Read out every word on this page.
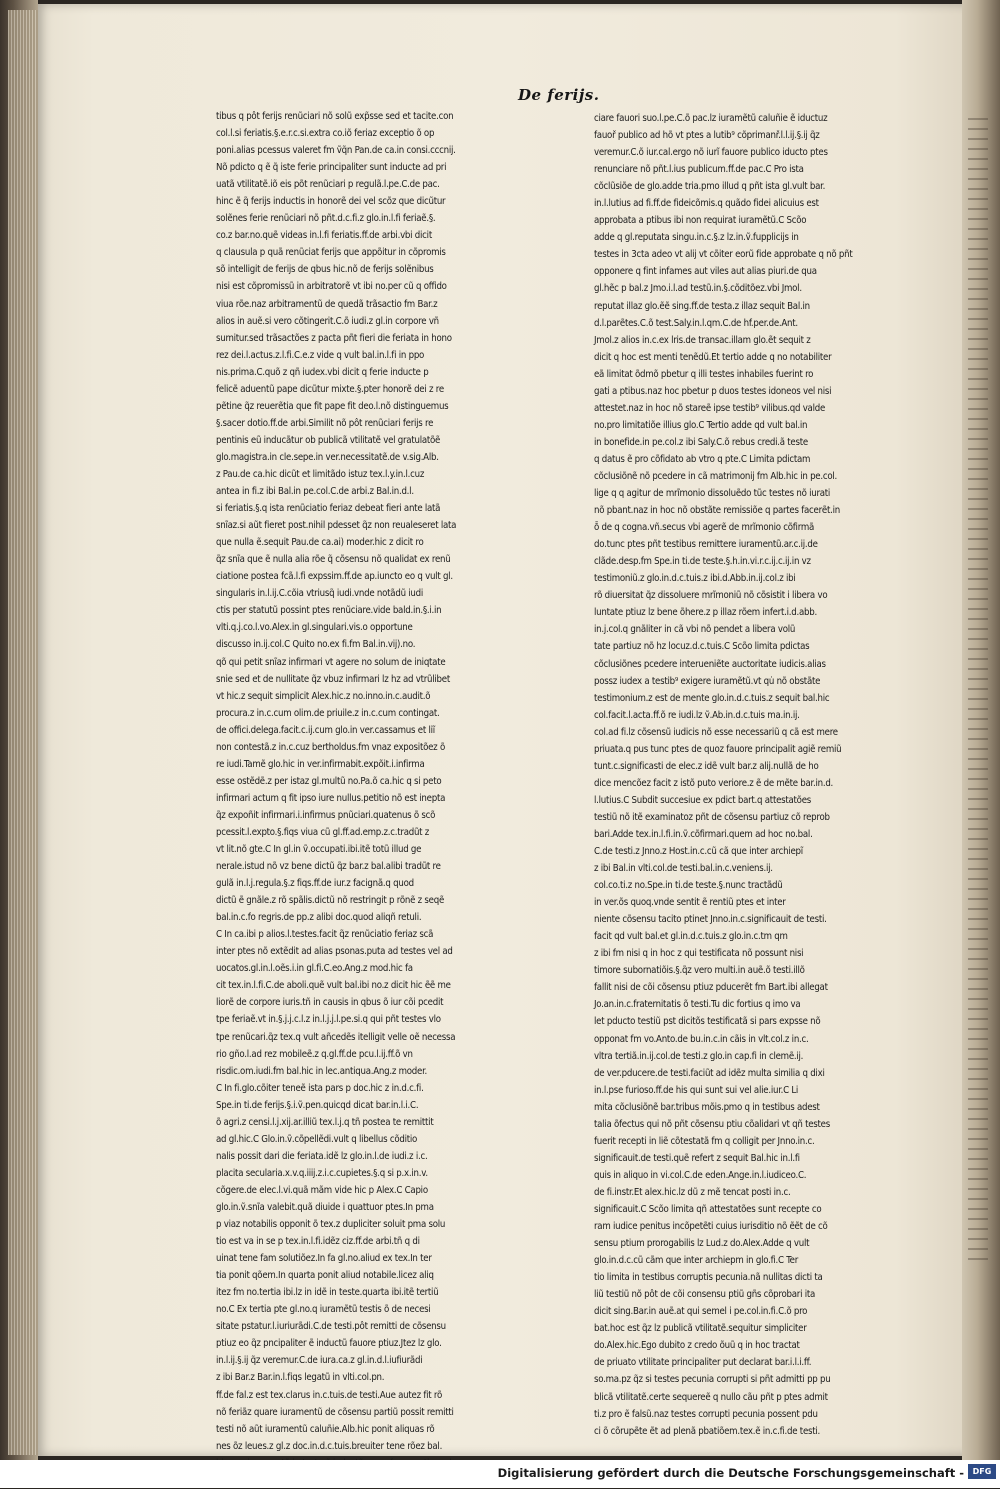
De ferijs.
tibus q pôt ferijs renũciari nõ solũ exp̃sse sed et tacite.con
col.l.si feriatis.§.e.r.c.si.extra co.iõ feriaz exceptio õ op
poni.alias pcessus valeret fm ṽq̃n Pan.de ca.in consi.cccnij.
Nõ pdicto q ẽ q̃ iste ferie principaliter sunt inducte ad pri
uatã vtilitatẽ.iõ eis põt renũciari p regulã.l.pe.C.de pac.
hinc ẽ q̃ ferijs inductis in honorẽ dei vel scõz que dicũtur
solẽnes ferie renũciari nõ pñt.d.c.fi.z glo.in.l.fi feriaẽ.§.
co.z bar.no.quẽ videas in.l.fi feriatis.ff.de arbi.vbi dicit
q clausula p quã renũciat ferijs que appõitur in cõpromis
sõ intelligit de ferijs de qbus hic.nõ de ferijs solẽnibus
nisi est cõpromissũ in arbitratorẽ vt ibi no.per cũ q offido
viua rõe.naz arbitramentũ de quedã trãsactio fm Bar.z
alios in auẽ.si vero cõtingerit.C.õ iudi.z gl.in corpore vñ
sumitur.sed trãsactões z pacta pñt fieri die feriata in hono
rez dei.l.actus.z.l.fi.C.e.z vide q vult bal.in.l.fi in ppo
nis.prima.C.quõ z qñ iudex.vbi dicit q ferie inducte p
felicẽ aduentũ pape dicũtur mixte.§.pter honorẽ dei z re
pẽtine q̃z reuerẽtia que fit pape fit deo.l.nõ distinguemus
§.sacer dotio.ff.de arbi.Similit nõ pôt renũciari ferijs re
pentinis eũ inducãtur ob publicã vtilitatẽ vel gratulatõẽ
glo.magistra.in cle.sepe.in ver.necessitatẽ.de v.sig.Alb.
z Pau.de ca.hic dicũt et limitãdo istuz tex.l.y.in.l.cuz
antea in fi.z ibi Bal.in pe.col.C.de arbi.z Bal.in.d.l.
si feriatis.§.q ista renũciatio feriaz debeat fieri ante latã
snĩaz.si aũt fieret post.nihil pdesset q̃z non reualeseret lata
que nulla ẽ.sequit Pau.de ca.ai) moder.hic z dicit ro
q̃z snĩa que ẽ nulla alia rõe q̃ cõsensu nõ qualidat ex renũ
ciatione postea fcã.l.fi expssim.ff.de ap.iuncto eo q vult gl.
singularis in.l.ij.C.cõia vtriusq̃ iudi.vnde notãdũ iudi
ctis per statutũ possint ptes renũciare.vide bald.in.§.i.in
vlti.q.j.co.l.vo.Alex.in gl.singulari.vis.o opportune
discusso in.ij.col.C Quito no.ex fi.fm Bal.in.vij).no.
qõ qui petit snĩaz infirmari vt agere no solum de iniqtate
snie sed et de nullitate q̃z vbuz infirmari lz hz ad vtrũlibet
vt hic.z sequit simplicit Alex.hic.z no.inno.in.c.audit.õ
procura.z in.c.cum olim.de priuile.z in.c.cum contingat.
de offici.delega.facit.c.ij.cum glo.in ver.cassamus et liĩ
non contestã.z in.c.cuz bertholdus.fm vnaz expositõez õ
re iudi.Tamẽ glo.hic in ver.infirmabit.expõit.i.infirma
esse ostẽdẽ.z per istaz gl.multũ no.Pa.õ ca.hic q si peto
infirmari actum q fit ipso iure nullus.petitio nõ est inepta
q̃z expoñit infirmari.i.infirmus pnũciari.quatenus õ scõ
pcessit.l.expto.§.fiqs viua cũ gl.ff.ad.emp.z.c.tradũt z
vt lit.nõ gte.C In gl.in ṽ.occupati.ibi.itẽ totũ illud ge
nerale.istud nõ vz bene dictũ q̃z bar.z bal.alibi tradũt re
gulã in.l.j.regula.§.z fiqs.ff.de iur.z facignã.q quod
dictũ ẽ gnãle.z rõ spãlis.dictũ nõ restringit p rõnẽ z seqẽ
bal.in.c.fo regris.de pp.z alibi doc.quod aliqñ retuli.
C In ca.ibi p alios.l.testes.facit q̃z renũciatio feriaz scã
inter ptes nõ extẽdit ad alias psonas.puta ad testes vel ad
uocatos.gl.in.l.oẽs.i.in gl.fi.C.eo.Ang.z mod.hic fa
cit tex.in.l.fi.C.de aboli.quẽ vult bal.ibi no.z dicit hic ẽẽ me
liorẽ de corpore iuris.tñ in causis in qbus õ iur cõi pcedit
tpe feriaẽ.vt in.§.j.j.c.l.z in.l.j.j.l.pe.si.q qui pñt testes vlo
tpe renũcari.q̃z tex.q vult añcedẽs itelligit velle oẽ necessa
rio gño.l.ad rez mobileẽ.z q.gl.ff.de pcu.l.ij.ff.õ vn
risdic.om.iudi.fm bal.hic in lec.antiqua.Ang.z moder.
C In fi.glo.cõiter teneẽ ista pars p doc.hic z in.d.c.fi.
Spe.in ti.de ferijs.§.i.ṽ.pen.quicqd dicat bar.in.l.i.C.
õ agri.z censi.l.j.xij.ar.illiũ tex.l.j.q tñ postea te remittit
ad gl.hic.C Glo.in.ṽ.cõpellẽdi.vult q libellus cõditio
nalis possit dari die feriata.idẽ lz glo.in.l.de iudi.z i.c.
placita secularia.x.v.q.iiij.z.i.c.cupietes.§.q si p.x.in.v.
cõgere.de elec.l.vi.quã mãm vide hic p Alex.C Capio
glo.in.ṽ.snĩa valebit.quã diuide i quattuor ptes.In pma
p viaz notabilis opponit õ tex.z dupliciter soluit pma solu
tio est va in se p tex.in.l.fi.idẽz ciz.ff.de arbi.tñ q di
uinat tene fam solutiõez.In fa gl.no.aliud ex tex.In ter
tia ponit qõem.In quarta ponit aliud notabile.licez aliq
itez fm no.tertia ibi.lz in idẽ in teste.quarta ibi.itẽ tertiũ
no.C Ex tertia pte gl.no.q iuramẽtũ testis õ de necesi
sitate pstatur.l.iuriurãdi.C.de testi.pôt remitti de cõsensu
ptiuz eo q̃z pncipaliter ẽ inductũ fauore ptiuz.Jtez lz glo.
in.l.ij.§.ij q̃z veremur.C.de iura.ca.z gl.in.d.l.iufiurãdi
z ibi Bar.z Bar.in.l.fiqs legatũ in vlti.col.pn.
ff.de fal.z est tex.clarus in.c.tuis.de testi.Aue autez fit rõ
nõ feriãz quare iuramentũ de cõsensu partiũ possit remitti
testi nõ aũt iuramentũ caluñie.Alb.hic ponit aliquas rõ
nes õz leues.z gl.z doc.in.d.c.tuis.breuiter tene rõez bal.
ciare fauori suo.l.pe.C.õ pac.lz iuramẽtũ caluñie ẽ iductuz
fauoř publico ad hõ vt ptes a lutib⁹ cõprimanř.l.l.ij.§.ij q̃z
veremur.C.õ iur.cal.ergo nõ iurĩ fauore publico iducto ptes
renunciare nõ pñt.l.ius publicum.ff.de pac.C Pro ista
cõclũsiõe de glo.adde tria.pmo illud q pñt ista gl.vult bar.
in.l.lutius ad fi.ff.de fideicõmis.q quãdo fidei alicuius est
approbata a ptibus ibi non requirat iuramẽtũ.C Scõo
adde q gl.reputata singu.in.c.§.z lz.in.ṽ.fupplicijs in
testes in 3cta adeo vt alij vt cõiter eorũ fide approbate q nõ pñt
opponere q fint infames aut viles aut alias piuri.de qua
gl.hẽc p bal.z Jmo.i.l.ad testũ.in.§.cõditõez.vbi Jmol.
reputat illaz glo.ẽẽ sing.ff.de testa.z illaz sequit Bal.in
d.l.parẽtes.C.õ test.Saly.in.l.qm.C.de hf.per.de.Ant.
Jmol.z alios in.c.ex lris.de transac.illam glo.ẽt sequit z
dicit q hoc est menti tenẽdũ.Et tertio adde q no notabiliter
eã limitat õdmõ pbetur q illi testes inhabiles fuerint ro
gati a ptibus.naz hoc pbetur p duos testes idoneos vel nisi
attestet.naz in hoc nõ stareẽ ipse testib⁹ vilibus.qd valde
no.pro limitatiõe illius glo.C Tertio adde qd vult bal.in
in bonefide.in pe.col.z ibi Saly.C.õ rebus credi.ã teste
q datus ẽ pro cõfidato ab vtro q pte.C Limita pdictam
cõclusiõnẽ nõ pcedere in cã matrimonij fm Alb.hic in pe.col.
lige q q agitur de mrĩmonio dissoluẽdo tũc testes nõ iurati
nõ pbant.naz in hoc nõ obstãte remissiõe q partes facerẽt.in
ȭ de q cogna.vñ.secus vbi agerẽ de mrĩmonio cõfirmã
do.tunc ptes pñt testibus remittere iuramentũ.ar.c.ij.de
clãde.desp.fm Spe.in ti.de teste.§.h.in.vi.r.c.ij.c.ij.in vz
testimoniũ.z glo.in.d.c.tuis.z ibi.d.Abb.in.ij.col.z ibi
rõ diuersitat q̃z dissoluere mrĩmoniũ nõ cõsistit i libera vo
luntate ptiuz lz bene õhere.z p illaz rõem infert.i.d.abb.
in.j.col.q gnãliter in cã vbi nõ pendet a libera volũ
tate partiuz nõ hz locuz.d.c.tuis.C Scõo limita pdictas
cõclusiõnes pcedere interueniẽte auctoritate iudicis.alias
possz iudex a testib⁹ exigere iuramẽtũ.vt qu̇ nõ obstãte
testimonium.z est de mente glo.in.d.c.tuis.z sequit bal.hic
col.facit.l.acta.ff.õ re iudi.lz ṽ.Ab.in.d.c.tuis ma.in.ij.
col.ad fi.lz cõsensũ iudicis nõ esse necessariũ q cã est mere
priuata.q pus tunc ptes de quoz fauore principalit agiẽ remiũ
tunt.c.significasti de elec.z idẽ vult bar.z alij.nullã de ho
dice mencõez facit z istõ puto veriore.z ẽ de mẽte bar.in.d.
l.lutius.C Subdit succesiue ex pdict bart.q attestatões
testiũ nõ itẽ examinatoz pñt de cõsensu partiuz cõ reprob
bari.Adde tex.in.l.fi.in.ṽ.cõfirmari.quem ad hoc no.bal.
C.de testi.z Jnno.z Host.in.c.cũ cã que inter archiepĩ
z ibi Bal.in vlti.col.de testi.bal.in.c.veniens.ij.
col.co.ti.z no.Spe.in ti.de teste.§.nunc tractãdũ
in ver.õs quoq.vnde sentit ẽ rentiũ ptes et inter
niente cõsensu tacito ptinet Jnno.in.c.significauit de testi.
facit qd vult bal.et gl.in.d.c.tuis.z glo.in.c.tm qm
z ibi fm nisi q in hoc z qui testificata nõ possunt nisi
timore subornatiõis.§.q̃z vero multi.in auẽ.õ testi.illõ
fallit nisi de cõi cõsensu ptiuz pducerẽt fm Bart.ibi allegat
Jo.an.in.c.fraternitatis õ testi.Tu dic fortius q imo va
let pducto testiũ pst dicitõs testificatã si pars expsse nõ
opponat fm vo.Anto.de bu.in.c.in cãis in vlt.col.z in.c.
vltra tertiã.in.ij.col.de testi.z glo.in cap.fi in clemẽ.ij.
de ver.pducere.de testi.faciũt ad idẽz multa similia q dixi
in.l.pse furioso.ff.de his qui sunt sui vel alie.iur.C Li
mita cõclusiõnẽ bar.tribus mõis.pmo q in testibus adest
talia õfectus qui nõ pñt cõsensu ptiu cõalidari vt qñ testes
fuerit recepti in liẽ cõtestatã fm q colligit per Jnno.in.c.
significauit.de testi.quẽ refert z sequit Bal.hic in.l.fi
quis in aliquo in vi.col.C.de eden.Ange.in.l.iudiceo.C.
de fi.instr.Et alex.hic.lz dũ z mẽ tencat posti in.c.
significauit.C Scõo limita qñ attestatões sunt recepte co
ram iudice penitus incõpetẽti cuius iurisditio nõ ẽẽt de cõ
sensu ptium prorogabilis lz Lud.z do.Alex.Adde q vult
glo.in.d.c.cũ cãm que inter archiepm in glo.fi.C Ter
tio limita in testibus corruptis pecunia.nã nullitas dicti ta
liũ testiũ nõ pôt de cõi consensu ptiũ gñs cõprobari ita
dicit sing.Bar.in auẽ.at qui semel i pe.col.in.fi.C.õ pro
bat.hoc est q̃z lz publicã vtilitatẽ.sequitur simpliciter
do.Alex.hic.Ego dubito z credo õuũ q in hoc tractat
de priuato vtilitate principaliter put declarat bar.i.l.i.ff.
so.ma.pz q̃z si testes pecunia corrupti si pñt admitti pp pu
blicã vtilitatẽ.certe sequereẽ q nullo cãu pñt p ptes admit
ti.z pro ẽ falsũ.naz testes corrupti pecunia possent pdu
ci õ cõrupẽte ẽt ad plenã pbatiõem.tex.ẽ in.c.fi.de testi.
Digitalisierung gefördert durch die Deutsche Forschungsgemeinschaft -	DFG
